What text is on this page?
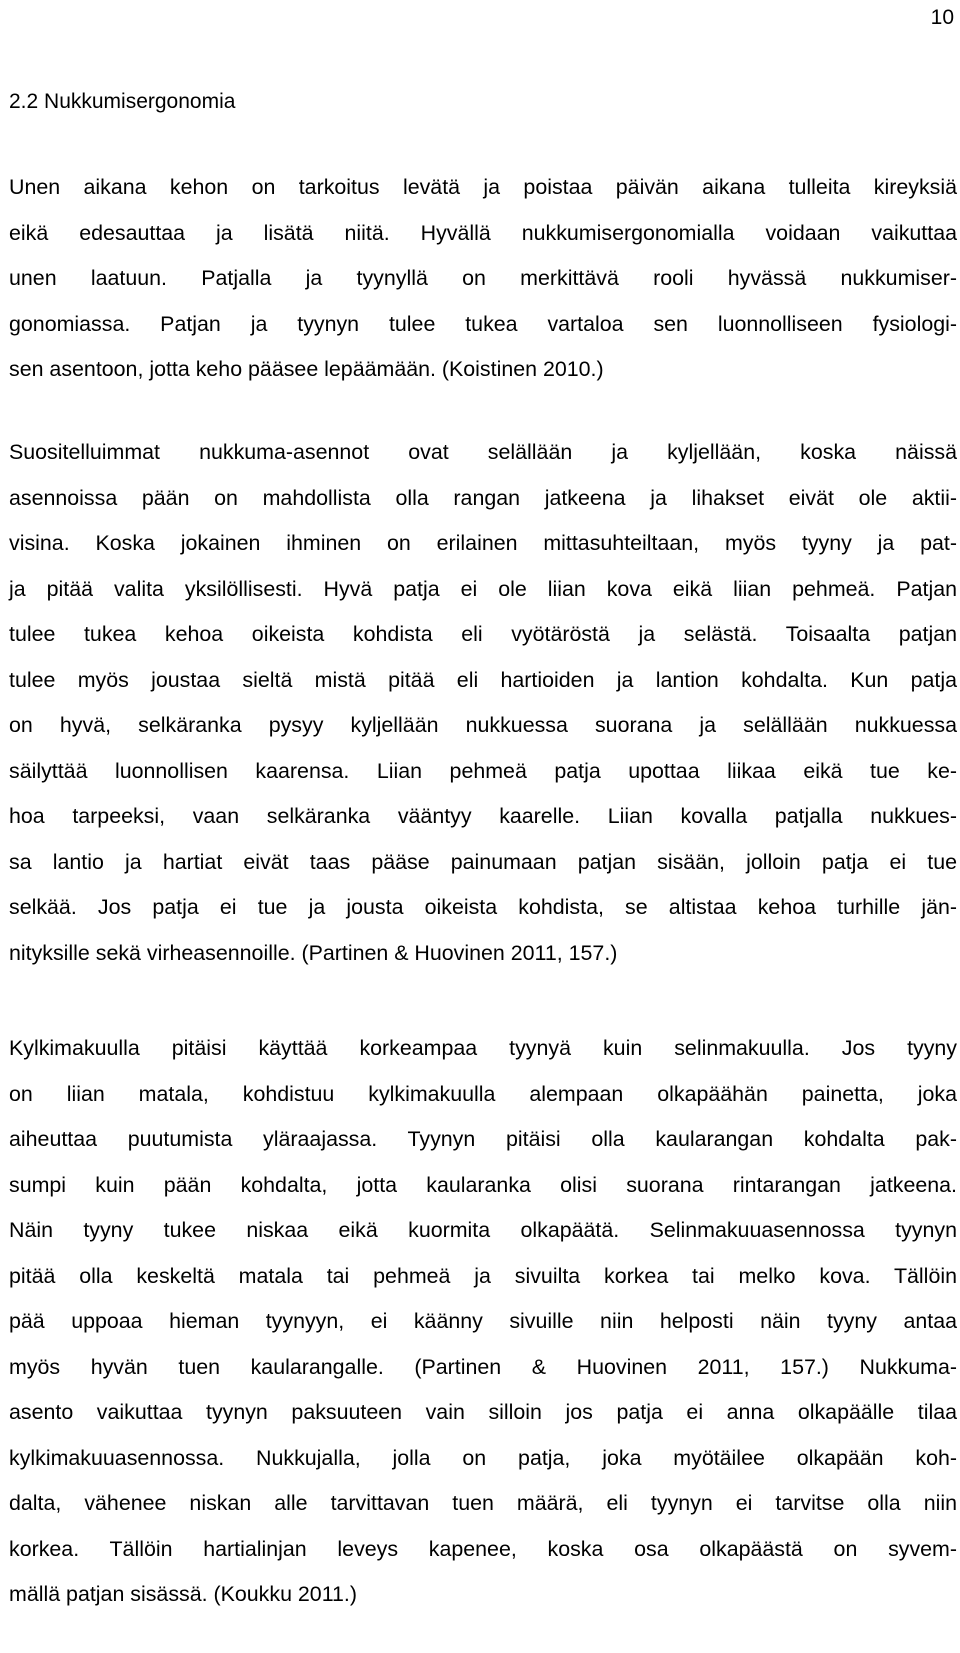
10
2.2 Nukkumisergonomia
Unen aikana kehon on tarkoitus levätä ja poistaa päivän aikana tulleita kireyksiä
eikä edesauttaa ja lisätä niitä. Hyvällä nukkumisergonomialla voidaan vaikuttaa
unen laatuun. Patjalla ja tyynyllä on merkittävä rooli hyvässä nukkumiser-
gonomiassa. Patjan ja tyynyn tulee tukea vartaloa sen luonnolliseen fysiologi-
sen asentoon, jotta keho pääsee lepäämään. (Koistinen 2010.)
Suositelluimmat nukkuma-asennot ovat selällään ja kyljellään, koska näissä
asennoissa pään on mahdollista olla rangan jatkeena ja lihakset eivät ole aktii-
visina. Koska jokainen ihminen on erilainen mittasuhteiltaan, myös tyyny ja pat-
ja pitää valita yksilöllisesti. Hyvä patja ei ole liian kova eikä liian pehmeä. Patjan
tulee tukea kehoa oikeista kohdista eli vyötäröstä ja selästä. Toisaalta patjan
tulee myös joustaa sieltä mistä pitää eli hartioiden ja lantion kohdalta. Kun patja
on hyvä, selkäranka pysyy kyljellään nukkuessa suorana ja selällään nukkuessa
säilyttää luonnollisen kaarensa. Liian pehmeä patja upottaa liikaa eikä tue ke-
hoa tarpeeksi, vaan selkäranka vääntyy kaarelle. Liian kovalla patjalla nukkues-
sa lantio ja hartiat eivät taas pääse painumaan patjan sisään, jolloin patja ei tue
selkää. Jos patja ei tue ja jousta oikeista kohdista, se altistaa kehoa turhille jän-
nityksille sekä virheasennoille. (Partinen & Huovinen 2011, 157.)
Kylkimakuulla pitäisi käyttää korkeampaa tyynyä kuin selinmakuulla. Jos tyyny
on liian matala, kohdistuu kylkimakuulla alempaan olkapäähän painetta, joka
aiheuttaa puutumista yläraajassa. Tyynyn pitäisi olla kaularangan kohdalta pak-
sumpi kuin pään kohdalta, jotta kaularanka olisi suorana rintarangan jatkeena.
Näin tyyny tukee niskaa eikä kuormita olkapäätä. Selinmakuuasennossa tyynyn
pitää olla keskeltä matala tai pehmeä ja sivuilta korkea tai melko kova. Tällöin
pää uppoaa hieman tyynyyn, ei käänny sivuille niin helposti näin tyyny antaa
myös hyvän tuen kaularangalle. (Partinen & Huovinen 2011, 157.) Nukkuma-
asento vaikuttaa tyynyn paksuuteen vain silloin jos patja ei anna olkapäälle tilaa
kylkimakuuasennossa. Nukkujalla, jolla on patja, joka myötäilee olkapään koh-
dalta, vähenee niskan alle tarvittavan tuen määrä, eli tyynyn ei tarvitse olla niin
korkea. Tällöin hartialinjan leveys kapenee, koska osa olkapäästä on syvem-
mällä patjan sisässä. (Koukku 2011.)
